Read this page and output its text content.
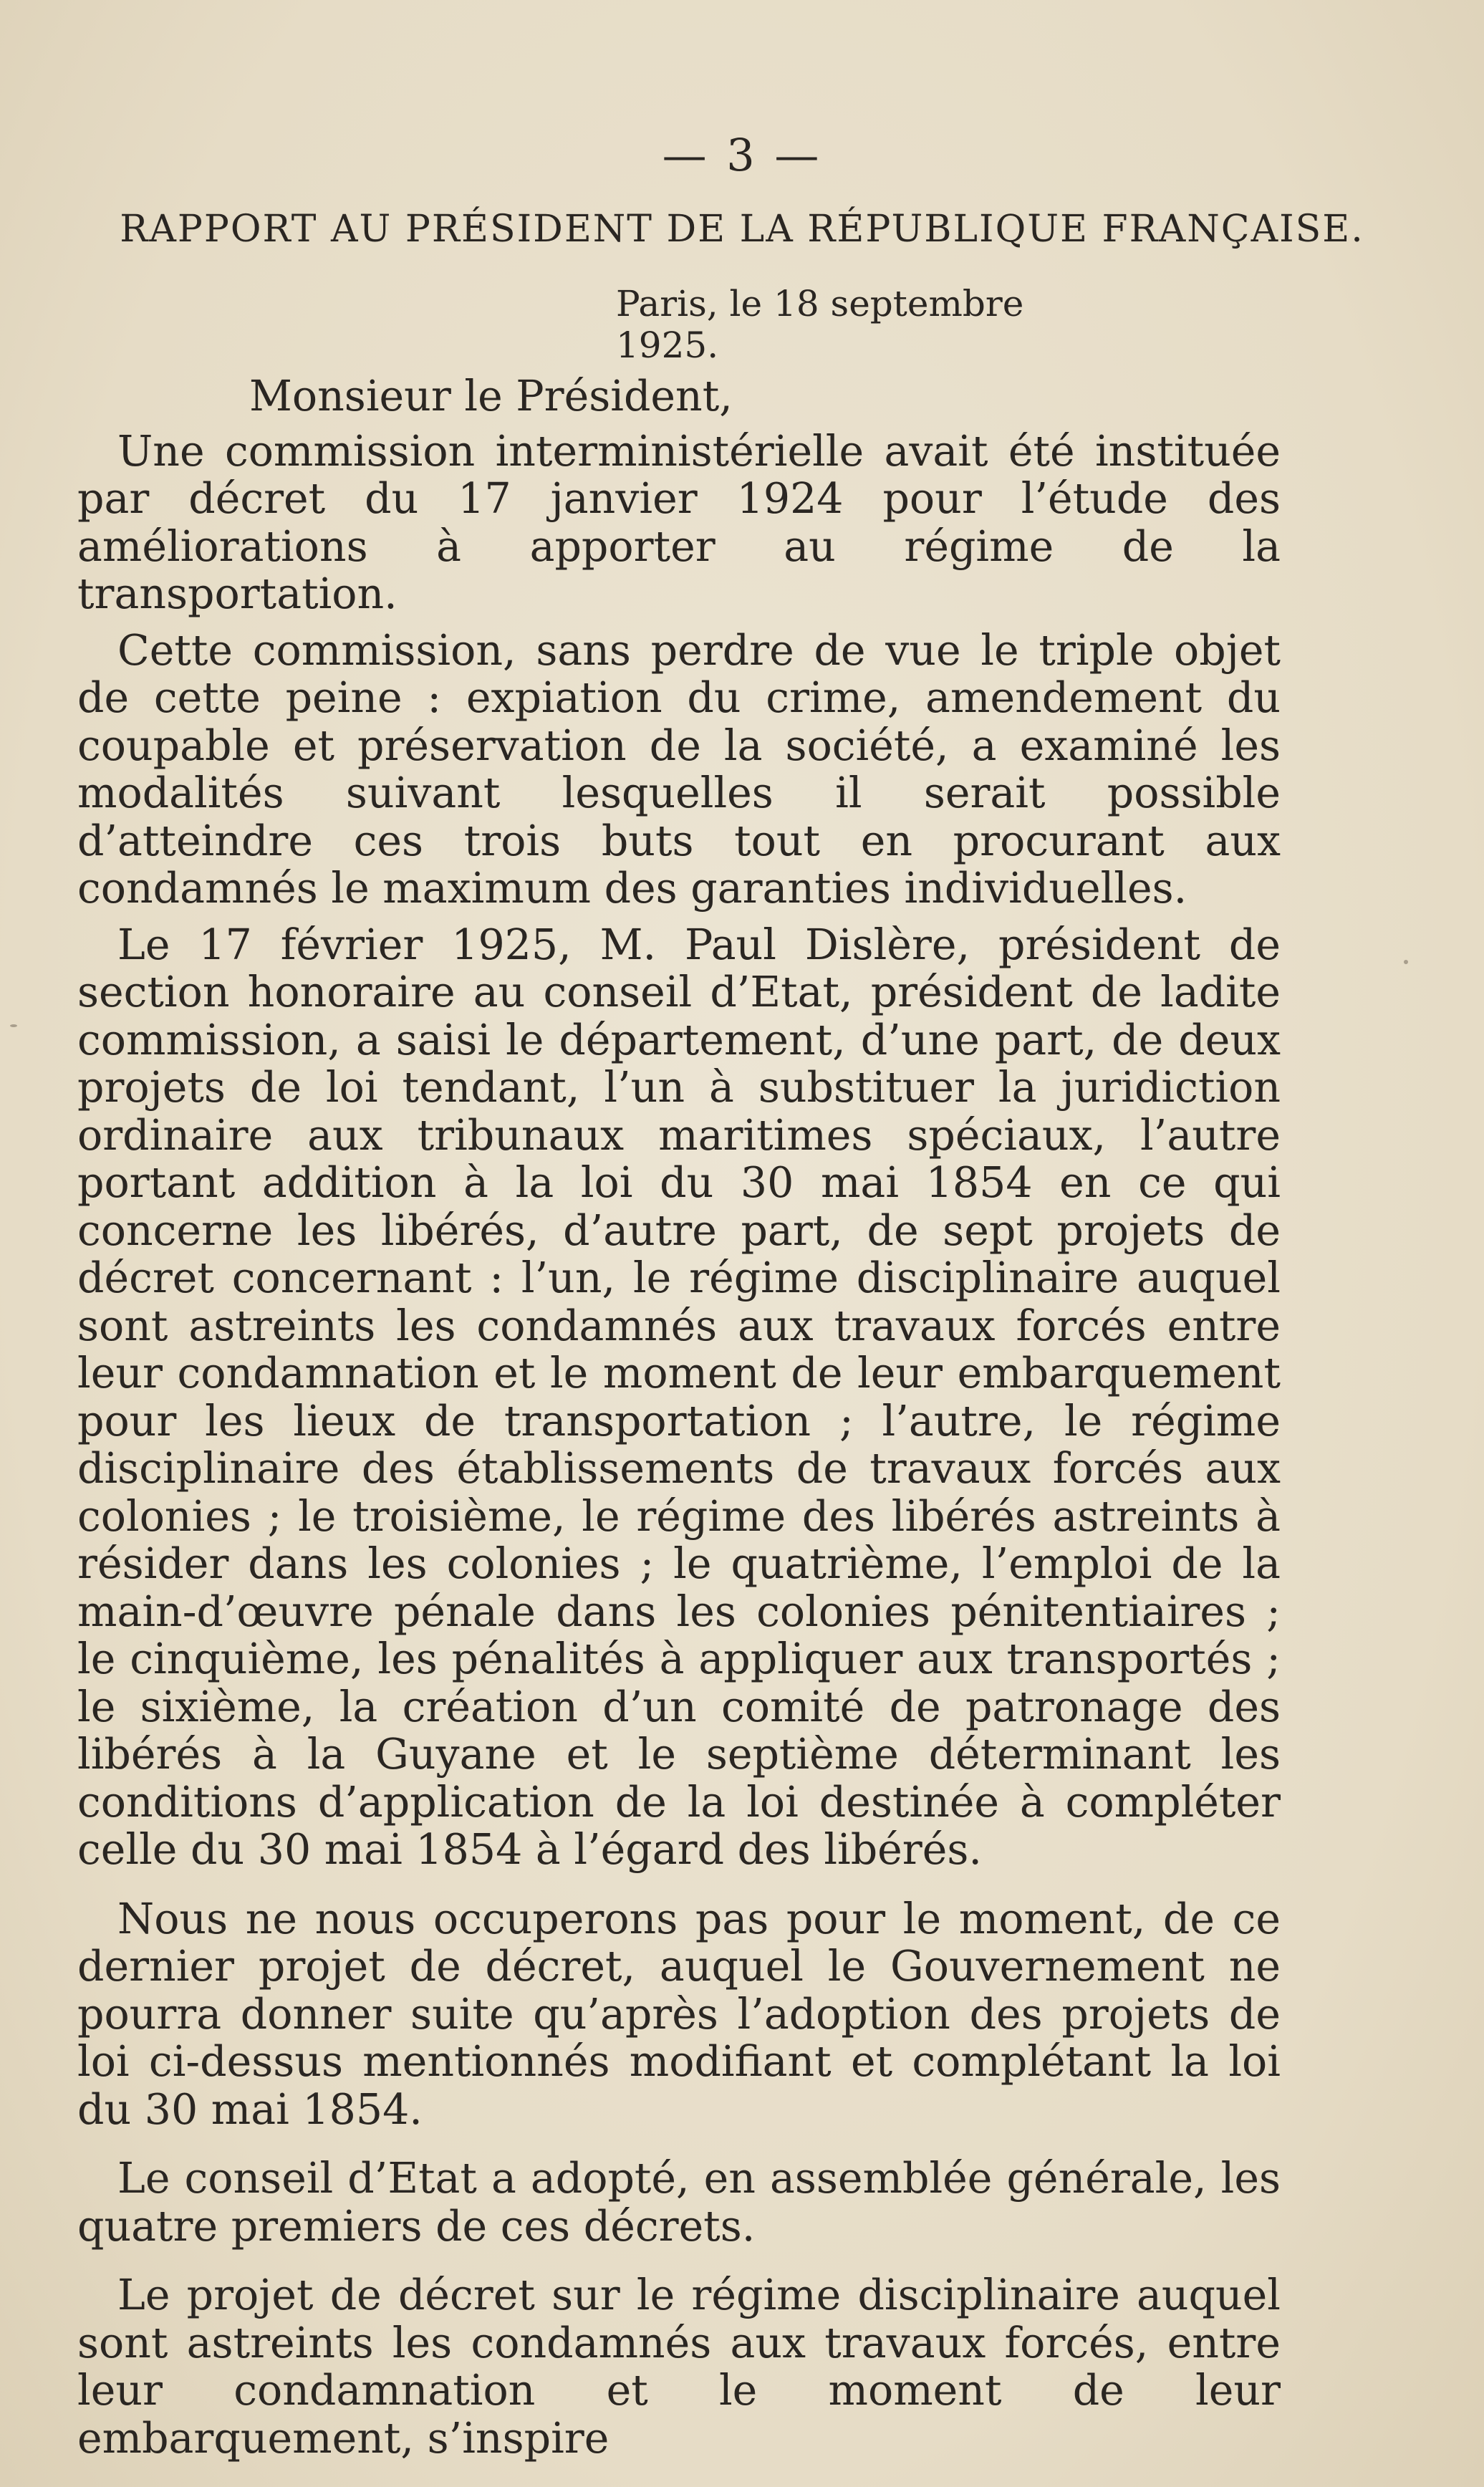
— 3 —
RAPPORT AU PRÉSIDENT DE LA RÉPUBLIQUE FRANÇAISE.
Paris, le 18 septembre 1925.

Monsieur le Président,

Une commission interministérielle avait été instituée par décret du 17 janvier 1924 pour l’étude des améliorations à apporter au régime de la transportation.

Cette commission, sans perdre de vue le triple objet de cette peine : expiation du crime, amendement du coupable et préservation de la société, a examiné les modalités suivant lesquelles il serait possible d’atteindre ces trois buts tout en procurant aux condamnés le maximum des garanties individuelles.

Le 17 février 1925, M. Paul Dislère, président de section honoraire au conseil d’Etat, président de ladite commission, a saisi le département, d’une part, de deux projets de loi tendant, l’un à substituer la juridiction ordinaire aux tribunaux maritimes spéciaux, l’autre portant addition à la loi du 30 mai 1854 en ce qui concerne les libérés, d’autre part, de sept projets de décret concernant : l’un, le régime disciplinaire auquel sont astreints les condamnés aux travaux forcés entre leur condamnation et le moment de leur embarquement pour les lieux de transportation ; l’autre, le régime disciplinaire des établissements de travaux forcés aux colonies ; le troisième, le régime des libérés astreints à résider dans les colonies ; le quatrième, l’emploi de la main-d’œuvre pénale dans les colonies pénitentiaires ; le cinquième, les pénalités à appliquer aux transportés ; le sixième, la création d’un comité de patronage des libérés à la Guyane et le septième déterminant les conditions d’application de la loi destinée à compléter celle du 30 mai 1854 à l’égard des libérés.

Nous ne nous occuperons pas pour le moment, de ce dernier projet de décret, auquel le Gouvernement ne pourra donner suite qu’après l’adoption des projets de loi ci-dessus mentionnés modifiant et complétant la loi du 30 mai 1854.

Le conseil d’Etat a adopté, en assemblée générale, les quatre premiers de ces décrets.

Le projet de décret sur le régime disciplinaire auquel sont astreints les condamnés aux travaux forcés, entre leur condamnation et le moment de leur embarquement, s’inspire
